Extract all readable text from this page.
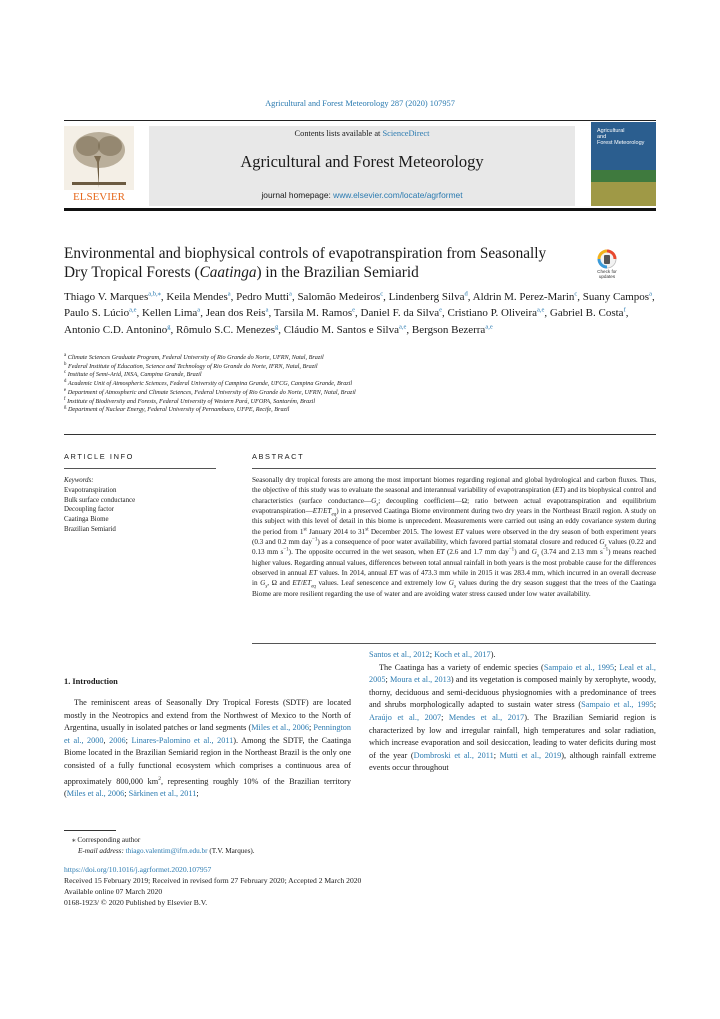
Agricultural and Forest Meteorology 287 (2020) 107957
ELSEVIER
Contents lists available at ScienceDirect
Agricultural and Forest Meteorology
journal homepage: www.elsevier.com/locate/agrformet
Agricultural
and
Forest Meteorology
Environmental and biophysical controls of evapotranspiration from Seasonally Dry Tropical Forests (Caatinga) in the Brazilian Semiarid	Check for updates
Thiago V. Marques$^{a,b,⁎}$, Keila Mendes$^a$, Pedro Mutti$^a$, Salomão Medeiros$^c$, Lindenberg Silva$^d$, Aldrin M. Perez-Marin$^c$, Suany Campos$^a$, Paulo S. Lúcio$^{a,e}$, Kellen Lima$^a$, Jean dos Reis$^a$, Tarsila M. Ramos$^e$, Daniel F. da Silva$^e$, Cristiano P. Oliveira$^{a,e}$, Gabriel B. Costa$^f$, Antonio C.D. Antonino$^g$, Rômulo S.C. Menezes$^g$, Cláudio M. Santos e Silva$^{a,e}$, Bergson Bezerra$^{a,e}$
$^a$ Climate Sciences Graduate Program, Federal University of Rio Grande do Norte, UFRN, Natal, Brazil
$^b$ Federal Institute of Education, Science and Technology of Rio Grande do Norte, IFRN, Natal, Brazil
$^c$ Institute of Semi-Arid, INSA, Campina Grande, Brazil
$^d$ Academic Unit of Atmospheric Sciences, Federal University of Campina Grande, UFCG, Campina Grande, Brazil
$^e$ Department of Atmospheric and Climate Sciences, Federal University of Rio Grande do Norte, UFRN, Natal, Brazil
$^f$ Institute of Biodiversity and Forests, Federal University of Western Pará, UFOPA, Santarém, Brazil
$^g$ Department of Nuclear Energy, Federal University of Pernambuco, UFPE, Recife, Brazil
ARTICLE INFO	ABSTRACT
Keywords:
Evapotranspiration
Bulk surface conductance
Decoupling factor
Caatinga Biome
Brazilian Semiarid
Seasonally dry tropical forests are among the most important biomes regarding regional and global hydrological and carbon fluxes. Thus, the objective of this study was to evaluate the seasonal and interannual variability of evapotranspiration (ET) and its biophysical control and characteristics (surface $conductance—G_s$; decoupling coefficient—Ω; ratio between actual evapotranspiration and equilibrium $evapotranspiration—ET/ET_{eq}$) in a preserved Caatinga Biome environment during two dry years in the Northeast Brazil region. A study on this subject with this level of detail in this biome is unprecedent. Measurements were carried out using an eddy covariance system during the period from 1st January 2014 to 31st December 2015. The lowest ET values were observed in the dry season of both experiment years (0.3 and 0.2 mm day$^{-1}$) as a consequence of poor water availability, which favored partial stomatal closure and reduced $G_s$ values (0.22 and 0.13 mm $s^{-1}$). The opposite occurred in the wet season, when ET (2.6 and 1.7 mm day$^{-1}$) and $G_s$ (3.74 and 2.13 mm $s^{-1}$) means reached higher values. Regarding annual values, differences between total annual rainfall in both years is the most probable cause for the differences observed in annual ET values. In 2014, annual ET was of 473.3 mm while in 2015 it was 283.4 mm, which incurred in an overall decrease in $G_s$, Ω and $ET/ET_{eq}$ values. Leaf senescence and extremely low $G_s$ values during the dry season suggest that the trees of the Caatinga Biome are more resilient regarding the use of water and are avoiding water stress caused under low water availability.
1. Introduction

The reminiscent areas of Seasonally Dry Tropical Forests (SDTF) are located mostly in the Neotropics and extend from the Northwest of Mexico to the North of Argentina, usually in isolated patches or land segments (Miles et al., 2006; Pennington et al., 2000, 2006; Linares-Palomino et al., 2011). Among the SDTF, the Caatinga Biome located in the Brazilian Semiarid region in the Northeast Brazil is the only one consisted of a fully functional ecosystem which comprises a continuous area of approximately 800,000 $km^2$, representing roughly 10% of the Brazilian territory (Miles et al., 2006; Särkinen et al., 2011;

Santos et al., 2012; Koch et al., 2017).

The Caatinga has a variety of endemic species (Sampaio et al., 1995; Leal et al., 2005; Moura et al., 2013) and its vegetation is composed mainly by xerophyte, woody, thorny, deciduous and semi-deciduous physiognomies with a predominance of trees and shrubs morphologically adapted to sustain water stress (Sampaio et al., 1995; Araújo et al., 2007; Mendes et al., 2017). The Brazilian Semiarid region is characterized by low and irregular rainfall, high temperatures and solar radiation, which increase evaporation and soil desiccation, leading to water deficits during most of the year (Dombroski et al., 2011; Mutti et al., 2019), although rainfall extreme events occur throughout

⁎ Corresponding author
E-mail address: thiago.valentim@ifrn.edu.br (T.V. Marques).
https://doi.org/10.1016/j.agrformet.2020.107957
Received 15 February 2019; Received in revised form 27 February 2020; Accepted 2 March 2020
Available online 07 March 2020
0168-1923/ © 2020 Published by Elsevier B.V.
